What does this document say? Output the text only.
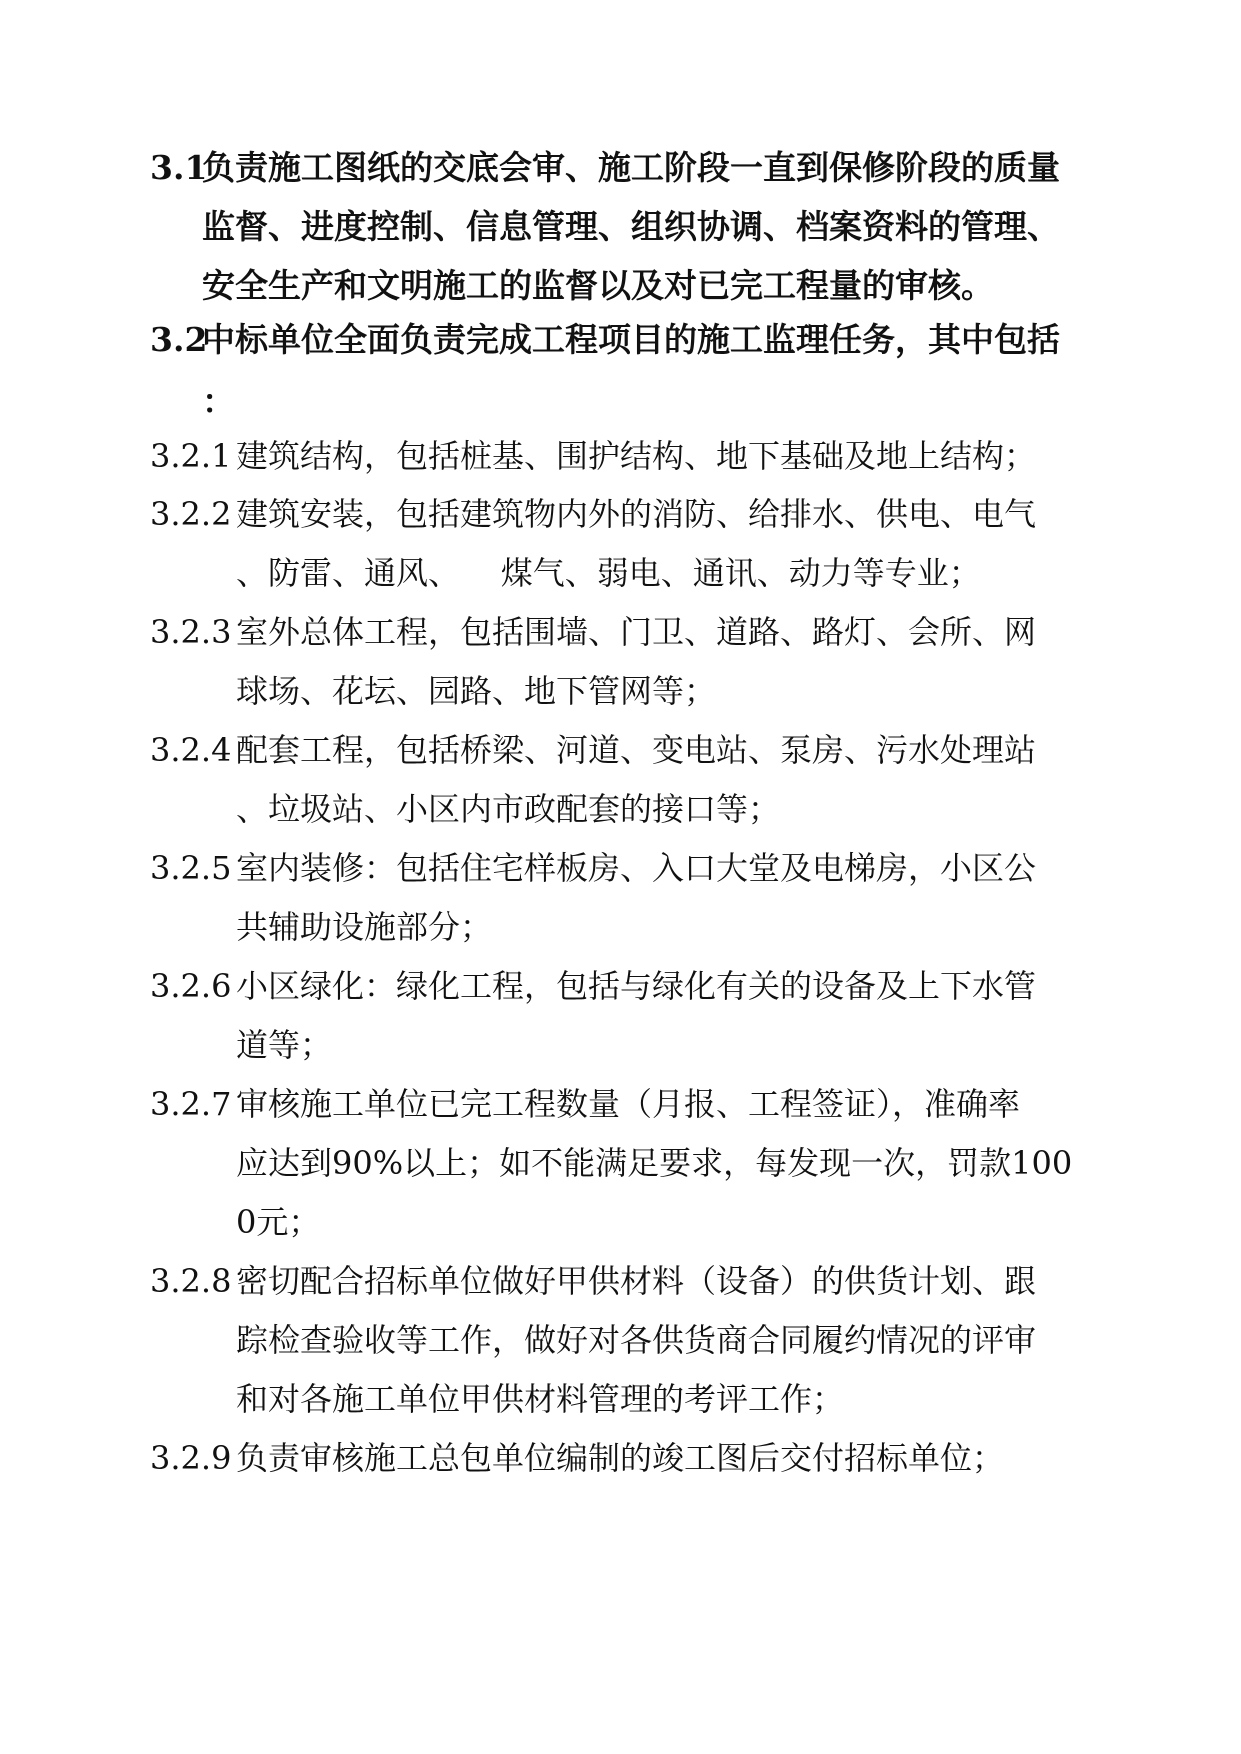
3.1
负责施工图纸的交底会审、施工阶段一直到保修阶段的质量
监督、进度控制、信息管理、组织协调、档案资料的管理、
安全生产和文明施工的监督以及对已完工程量的审核。
3.2
中标单位全面负责完成工程项目的施工监理任务，其中包括
：
3.2.1 建筑结构，包括桩基、围护结构、地下基础及地上结构；
3.2.2 建筑安装，包括建筑物内外的消防、给排水、供电、电气
、防雷、通风、    煤气、弱电、通讯、动力等专业；
3.2.3 室外总体工程，包括围墙、门卫、道路、路灯、会所、网
球场、花坛、园路、地下管网等；
3.2.4 配套工程，包括桥梁、河道、变电站、泵房、污水处理站
、垃圾站、小区内市政配套的接口等；
3.2.5 室内装修：包括住宅样板房、入口大堂及电梯房，小区公
共辅助设施部分；
3.2.6 小区绿化：绿化工程，包括与绿化有关的设备及上下水管
道等；
3.2.7 审核施工单位已完工程数量（月报、工程签证），准确率
应达到90%以上；如不能满足要求，每发现一次，罚款100
0元；
3.2.8 密切配合招标单位做好甲供材料（设备）的供货计划、跟
踪检查验收等工作，做好对各供货商合同履约情况的评审
和对各施工单位甲供材料管理的考评工作；
3.2.9 负责审核施工总包单位编制的竣工图后交付招标单位；
